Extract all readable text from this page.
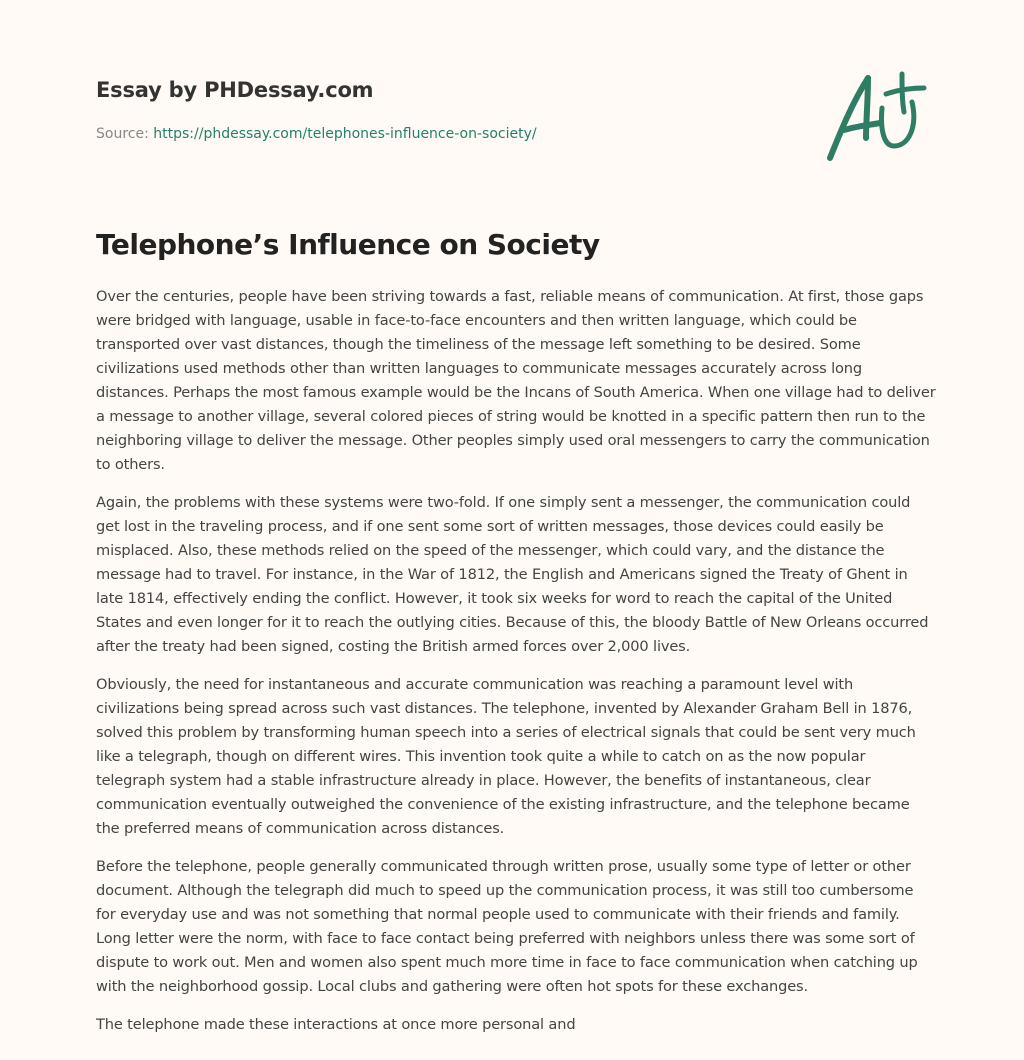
Essay by PHDessay.com
Source: https://phdessay.com/telephones-influence-on-society/
Telephone’s Influence on Society

Over the centuries, people have been striving towards a fast, reliable means of communication. At first, those gaps were bridged with language, usable in face-to-face encounters and then written language, which could be transported over vast distances, though the timeliness of the message left something to be desired. Some civilizations used methods other than written languages to communicate messages accurately across long distances. Perhaps the most famous example would be the Incans of South America. When one village had to deliver a message to another village, several colored pieces of string would be knotted in a specific pattern then run to the neighboring village to deliver the message. Other peoples simply used oral messengers to carry the communication to others.

Again, the problems with these systems were two-fold. If one simply sent a messenger, the communication could get lost in the traveling process, and if one sent some sort of written messages, those devices could easily be misplaced. Also, these methods relied on the speed of the messenger, which could vary, and the distance the message had to travel. For instance, in the War of 1812, the English and Americans signed the Treaty of Ghent in late 1814, effectively ending the conflict. However, it took six weeks for word to reach the capital of the United States and even longer for it to reach the outlying cities. Because of this, the bloody Battle of New Orleans occurred after the treaty had been signed, costing the British armed forces over 2,000 lives.

Obviously, the need for instantaneous and accurate communication was reaching a paramount level with civilizations being spread across such vast distances. The telephone, invented by Alexander Graham Bell in 1876, solved this problem by transforming human speech into a series of electrical signals that could be sent very much like a telegraph, though on different wires. This invention took quite a while to catch on as the now popular telegraph system had a stable infrastructure already in place. However, the benefits of instantaneous, clear communication eventually outweighed the convenience of the existing infrastructure, and the telephone became the preferred means of communication across distances.

Before the telephone, people generally communicated through written prose, usually some type of letter or other document. Although the telegraph did much to speed up the communication process, it was still too cumbersome for everyday use and was not something that normal people used to communicate with their friends and family. Long letter were the norm, with face to face contact being preferred with neighbors unless there was some sort of dispute to work out. Men and women also spent much more time in face to face communication when catching up with the neighborhood gossip. Local clubs and gathering were often hot spots for these exchanges.

The telephone made these interactions at once more personal and
